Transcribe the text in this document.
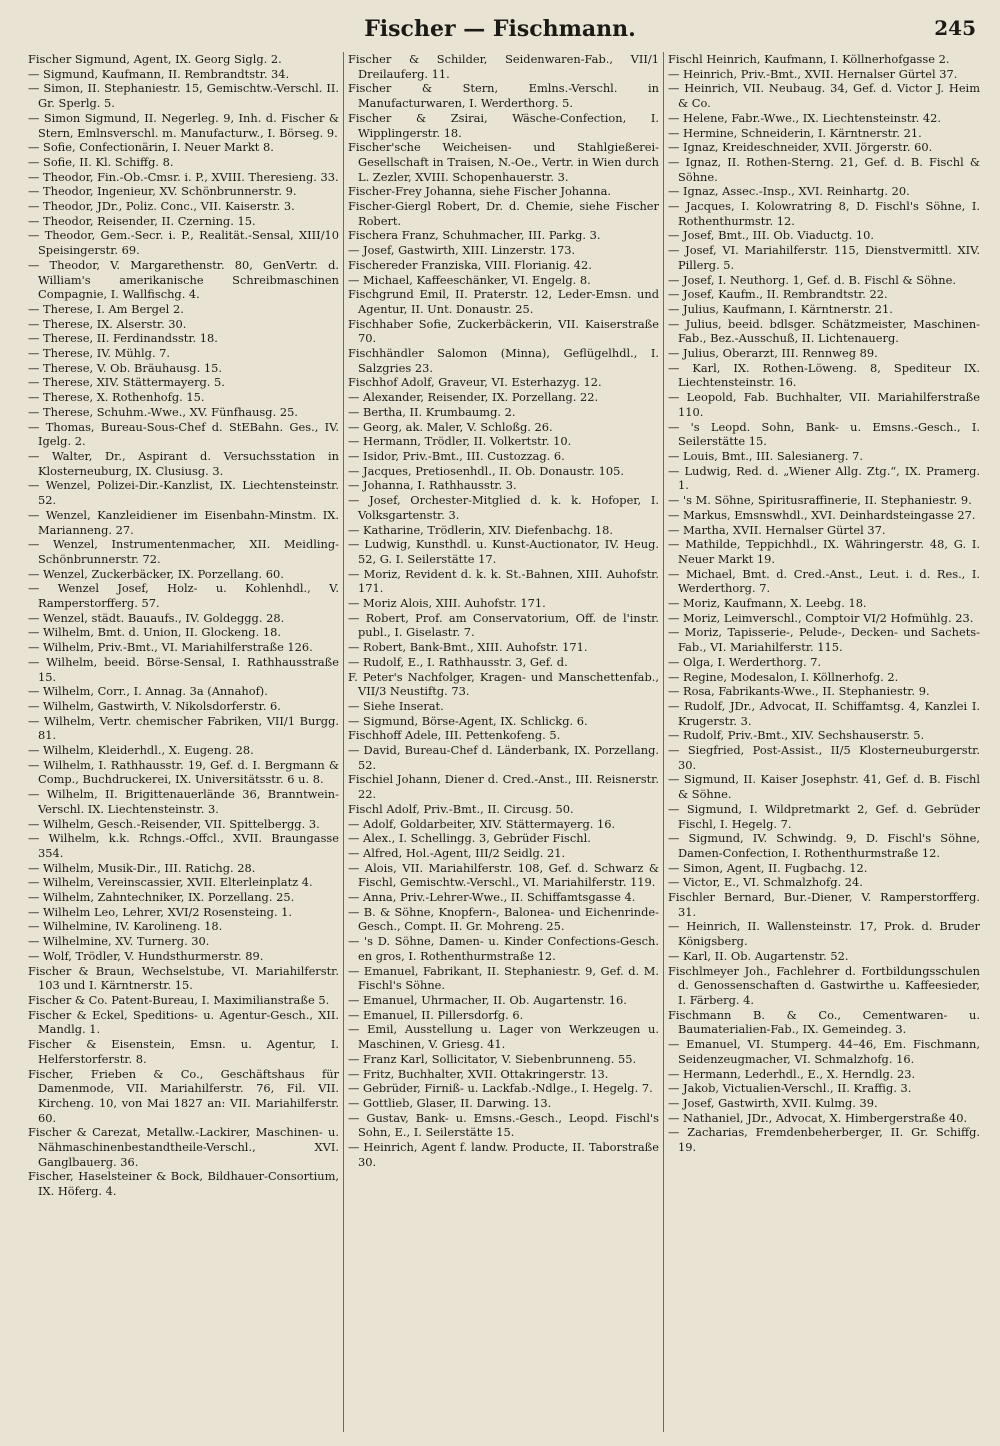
Fischer — Fischmann.	245
Fischer Sigmund, Agent, IX. Georg Siglg. 2.
— Sigmund, Kaufmann, II. Rembrandtstr. 34.
— Simon, II. Stephaniestr. 15, Gemischtw.-Verschl. II. Gr. Sperlg. 5.
— Simon Sigmund, II. Negerleg. 9, Inh. d. Fischer & Stern, Emlnsverschl. m. Manufacturw., I. Börseg. 9.
— Sofie, Confectionärin, I. Neuer Markt 8.
— Sofie, II. Kl. Schiffg. 8.
— Theodor, Fin.-Ob.-Cmsr. i. P., XVIII. Theresieng. 33.
— Theodor, Ingenieur, XV. Schönbrunnerstr. 9.
— Theodor, JDr., Poliz. Conc., VII. Kaiserstr. 3.
— Theodor, Reisender, II. Czerning. 15.
— Theodor, Gem.-Secr. i. P., Realität.-Sensal, XIII/10 Speisingerstr. 69.
— Theodor, V. Margarethenstr. 80, GenVertr. d. William's amerikanische Schreibmaschinen Compagnie, I. Wallfischg. 4.
— Therese, I. Am Bergel 2.
— Therese, IX. Alserstr. 30.
— Therese, II. Ferdinandsstr. 18.
— Therese, IV. Mühlg. 7.
— Therese, V. Ob. Bräuhausg. 15.
— Therese, XIV. Stättermayerg. 5.
— Therese, X. Rothenhofg. 15.
— Therese, Schuhm.-Wwe., XV. Fünfhausg. 25.
— Thomas, Bureau-Sous-Chef d. StEBahn. Ges., IV. Igelg. 2.
— Walter, Dr., Aspirant d. Versuchsstation in Klosterneuburg, IX. Clusiusg. 3.
— Wenzel, Polizei-Dir.-Kanzlist, IX. Liechtensteinstr. 52.
— Wenzel, Kanzleidiener im Eisenbahn-Minstm. IX. Marianneng. 27.
— Wenzel, Instrumentenmacher, XII. Meidling-Schönbrunnerstr. 72.
— Wenzel, Zuckerbäcker, IX. Porzellang. 60.
— Wenzel Josef, Holz- u. Kohlenhdl., V. Ramperstorfferg. 57.
— Wenzel, städt. Bauaufs., IV. Goldeggg. 28.
— Wilhelm, Bmt. d. Union, II. Glockeng. 18.
— Wilhelm, Priv.-Bmt., VI. Mariahilferstraße 126.
— Wilhelm, beeid. Börse-Sensal, I. Rathhausstraße 15.
— Wilhelm, Corr., I. Annag. 3a (Annahof).
— Wilhelm, Gastwirth, V. Nikolsdorferstr. 6.
— Wilhelm, Vertr. chemischer Fabriken, VII/1 Burgg. 81.
— Wilhelm, Kleiderhdl., X. Eugeng. 28.
— Wilhelm, I. Rathhausstr. 19, Gef. d. I. Bergmann & Comp., Buchdruckerei, IX. Universitätsstr. 6 u. 8.
— Wilhelm, II. Brigittenauerlände 36, Branntwein-Verschl. IX. Liechtensteinstr. 3.
— Wilhelm, Gesch.-Reisender, VII. Spittelbergg. 3.
— Wilhelm, k.k. Rchngs.-Offcl., XVII. Braungasse 354.
— Wilhelm, Musik-Dir., III. Ratichg. 28.
— Wilhelm, Vereinscassier, XVII. Elterleinplatz 4.
— Wilhelm, Zahntechniker, IX. Porzellang. 25.
— Wilhelm Leo, Lehrer, XVI/2 Rosensteing. 1.
— Wilhelmine, IV. Karolineng. 18.
— Wilhelmine, XV. Turnerg. 30.
— Wolf, Trödler, V. Hundsthurmerstr. 89.
Fischer & Braun, Wechselstube, VI. Mariahilferstr. 103 und I. Kärntnerstr. 15.
Fischer & Co. Patent-Bureau, I. Maximilianstraße 5.
Fischer & Eckel, Speditions- u. Agentur-Gesch., XII. Mandlg. 1.
Fischer & Eisenstein, Emsn. u. Agentur, I. Helferstorferstr. 8.
Fischer, Frieben & Co., Geschäftshaus für Damenmode, VII. Mariahilferstr. 76, Fil. VII. Kircheng. 10, von Mai 1827 an: VII. Mariahilferstr. 60.
Fischer & Carezat, Metallw.-Lackirer, Maschinen- u. Nähmaschinenbestandtheile-Verschl., XVI. Ganglbauerg. 36.
Fischer, Haselsteiner & Bock, Bildhauer-Consortium, IX. Höferg. 4.
Fischer & Schilder, Seidenwaren-Fab., VII/1 Dreilauferg. 11.
Fischer & Stern, Emlns.-Verschl. in Manufacturwaren, I. Werderthorg. 5.
Fischer & Zsirai, Wäsche-Confection, I. Wipplingerstr. 18.
Fischer'sche Weicheisen- und Stahlgießerei-Gesellschaft in Traisen, N.-Oe., Vertr. in Wien durch L. Zezler, XVIII. Schopenhauerstr. 3.
Fischer-Frey Johanna, siehe Fischer Johanna.
Fischer-Giergl Robert, Dr. d. Chemie, siehe Fischer Robert.
Fischera Franz, Schuhmacher, III. Parkg. 3.
— Josef, Gastwirth, XIII. Linzerstr. 173.
Fischereder Franziska, VIII. Florianig. 42.
— Michael, Kaffeeschänker, VI. Engelg. 8.
Fischgrund Emil, II. Praterstr. 12, Leder-Emsn. und Agentur, II. Unt. Donaustr. 25.
Fischhaber Sofie, Zuckerbäckerin, VII. Kaiserstraße 70.
Fischhändler Salomon (Minna), Geflügelhdl., I. Salzgries 23.
Fischhof Adolf, Graveur, VI. Esterhazyg. 12.
— Alexander, Reisender, IX. Porzellang. 22.
— Bertha, II. Krumbaumg. 2.
— Georg, ak. Maler, V. Schloßg. 26.
— Hermann, Trödler, II. Volkertstr. 10.
— Isidor, Priv.-Bmt., III. Custozzag. 6.
— Jacques, Pretiosenhdl., II. Ob. Donaustr. 105.
— Johanna, I. Rathhausstr. 3.
— Josef, Orchester-Mitglied d. k. k. Hofoper, I. Volksgartenstr. 3.
— Katharine, Trödlerin, XIV. Diefenbachg. 18.
— Ludwig, Kunsthdl. u. Kunst-Auctionator, IV. Heug. 52, G. I. Seilerstätte 17.
— Moriz, Revident d. k. k. St.-Bahnen, XIII. Auhofstr. 171.
— Moriz Alois, XIII. Auhofstr. 171.
— Robert, Prof. am Conservatorium, Off. de l'instr. publ., I. Giselastr. 7.
— Robert, Bank-Bmt., XIII. Auhofstr. 171.
— Rudolf, E., I. Rathhausstr. 3, Gef. d.
F. Peter's Nachfolger, Kragen- und Manschettenfab., VII/3 Neustiftg. 73.
— Siehe Inserat.
— Sigmund, Börse-Agent, IX. Schlickg. 6.
Fischhoff Adele, III. Pettenkofeng. 5.
— David, Bureau-Chef d. Länderbank, IX. Porzellang. 52.
Fischiel Johann, Diener d. Cred.-Anst., III. Reisnerstr. 22.
Fischl Adolf, Priv.-Bmt., II. Circusg. 50.
— Adolf, Goldarbeiter, XIV. Stättermayerg. 16.
— Alex., I. Schellingg. 3, Gebrüder Fischl.
— Alfred, Hol.-Agent, III/2 Seidlg. 21.
— Alois, VII. Mariahilferstr. 108, Gef. d. Schwarz & Fischl, Gemischtw.-Verschl., VI. Mariahilferstr. 119.
— Anna, Priv.-Lehrer-Wwe., II. Schiffamtsgasse 4.
— B. & Söhne, Knopfern-, Balonea- und Eichenrinde-Gesch., Compt. II. Gr. Mohreng. 25.
— 's D. Söhne, Damen- u. Kinder Confections-Gesch. en gros, I. Rothenthurmstraße 12.
— Emanuel, Fabrikant, II. Stephaniestr. 9, Gef. d. M. Fischl's Söhne.
— Emanuel, Uhrmacher, II. Ob. Augartenstr. 16.
— Emanuel, II. Pillersdorfg. 6.
— Emil, Ausstellung u. Lager von Werkzeugen u. Maschinen, V. Griesg. 41.
— Franz Karl, Sollicitator, V. Siebenbrunneng. 55.
— Fritz, Buchhalter, XVII. Ottakringerstr. 13.
— Gebrüder, Firniß- u. Lackfab.-Ndlge., I. Hegelg. 7.
— Gottlieb, Glaser, II. Darwing. 13.
— Gustav, Bank- u. Emsns.-Gesch., Leopd. Fischl's Sohn, E., I. Seilerstätte 15.
— Heinrich, Agent f. landw. Producte, II. Taborstraße 30.
Fischl Heinrich, Kaufmann, I. Köllnerhofgasse 2.
— Heinrich, Priv.-Bmt., XVII. Hernalser Gürtel 37.
— Heinrich, VII. Neubaug. 34, Gef. d. Victor J. Heim & Co.
— Helene, Fabr.-Wwe., IX. Liechtensteinstr. 42.
— Hermine, Schneiderin, I. Kärntnerstr. 21.
— Ignaz, Kreideschneider, XVII. Jörgerstr. 60.
— Ignaz, II. Rothen-Sterng. 21, Gef. d. B. Fischl & Söhne.
— Ignaz, Assec.-Insp., XVI. Reinhartg. 20.
— Jacques, I. Kolowratring 8, D. Fischl's Söhne, I. Rothenthurmstr. 12.
— Josef, Bmt., III. Ob. Viaductg. 10.
— Josef, VI. Mariahilferstr. 115, Dienstvermittl. XIV. Pillerg. 5.
— Josef, I. Neuthorg. 1, Gef. d. B. Fischl & Söhne.
— Josef, Kaufm., II. Rembrandtstr. 22.
— Julius, Kaufmann, I. Kärntnerstr. 21.
— Julius, beeid. bdlsger. Schätzmeister, Maschinen-Fab., Bez.-Ausschuß, II. Lichtenauerg.
— Julius, Oberarzt, III. Rennweg 89.
— Karl, IX. Rothen-Löweng. 8, Spediteur IX. Liechtensteinstr. 16.
— Leopold, Fab. Buchhalter, VII. Mariahilferstraße 110.
— 's Leopd. Sohn, Bank- u. Emsns.-Gesch., I. Seilerstätte 15.
— Louis, Bmt., III. Salesianerg. 7.
— Ludwig, Red. d. „Wiener Allg. Ztg.“, IX. Pramerg. 1.
— 's M. Söhne, Spiritusraffinerie, II. Stephaniestr. 9.
— Markus, Emsnswhdl., XVI. Deinhardsteingasse 27.
— Martha, XVII. Hernalser Gürtel 37.
— Mathilde, Teppichhdl., IX. Währingerstr. 48, G. I. Neuer Markt 19.
— Michael, Bmt. d. Cred.-Anst., Leut. i. d. Res., I. Werderthorg. 7.
— Moriz, Kaufmann, X. Leebg. 18.
— Moriz, Leimverschl., Comptoir VI/2 Hofmühlg. 23.
— Moriz, Tapisserie-, Pelude-, Decken- und Sachets-Fab., VI. Mariahilferstr. 115.
— Olga, I. Werderthorg. 7.
— Regine, Modesalon, I. Köllnerhofg. 2.
— Rosa, Fabrikants-Wwe., II. Stephaniestr. 9.
— Rudolf, JDr., Advocat, II. Schiffamtsg. 4, Kanzlei I. Krugerstr. 3.
— Rudolf, Priv.-Bmt., XIV. Sechshauserstr. 5.
— Siegfried, Post-Assist., II/5 Klosterneuburgerstr. 30.
— Sigmund, II. Kaiser Josephstr. 41, Gef. d. B. Fischl & Söhne.
— Sigmund, I. Wildpretmarkt 2, Gef. d. Gebrüder Fischl, I. Hegelg. 7.
— Sigmund, IV. Schwindg. 9, D. Fischl's Söhne, Damen-Confection, I. Rothenthurmstraße 12.
— Simon, Agent, II. Fugbachg. 12.
— Victor, E., VI. Schmalzhofg. 24.
Fischler Bernard, Bur.-Diener, V. Ramperstorfferg. 31.
— Heinrich, II. Wallensteinstr. 17, Prok. d. Bruder Königsberg.
— Karl, II. Ob. Augartenstr. 52.
Fischlmeyer Joh., Fachlehrer d. Fortbildungsschulen d. Genossenschaften d. Gastwirthe u. Kaffeesieder, I. Färberg. 4.
Fischmann B. & Co., Cementwaren- u. Baumaterialien-Fab., IX. Gemeindeg. 3.
— Emanuel, VI. Stumperg. 44–46, Em. Fischmann, Seidenzeugmacher, VI. Schmalzhofg. 16.
— Hermann, Lederhdl., E., X. Herndlg. 23.
— Jakob, Victualien-Verschl., II. Kraffig. 3.
— Josef, Gastwirth, XVII. Kulmg. 39.
— Nathaniel, JDr., Advocat, X. Himbergerstraße 40.
— Zacharias, Fremdenbeherberger, II. Gr. Schiffg. 19.
